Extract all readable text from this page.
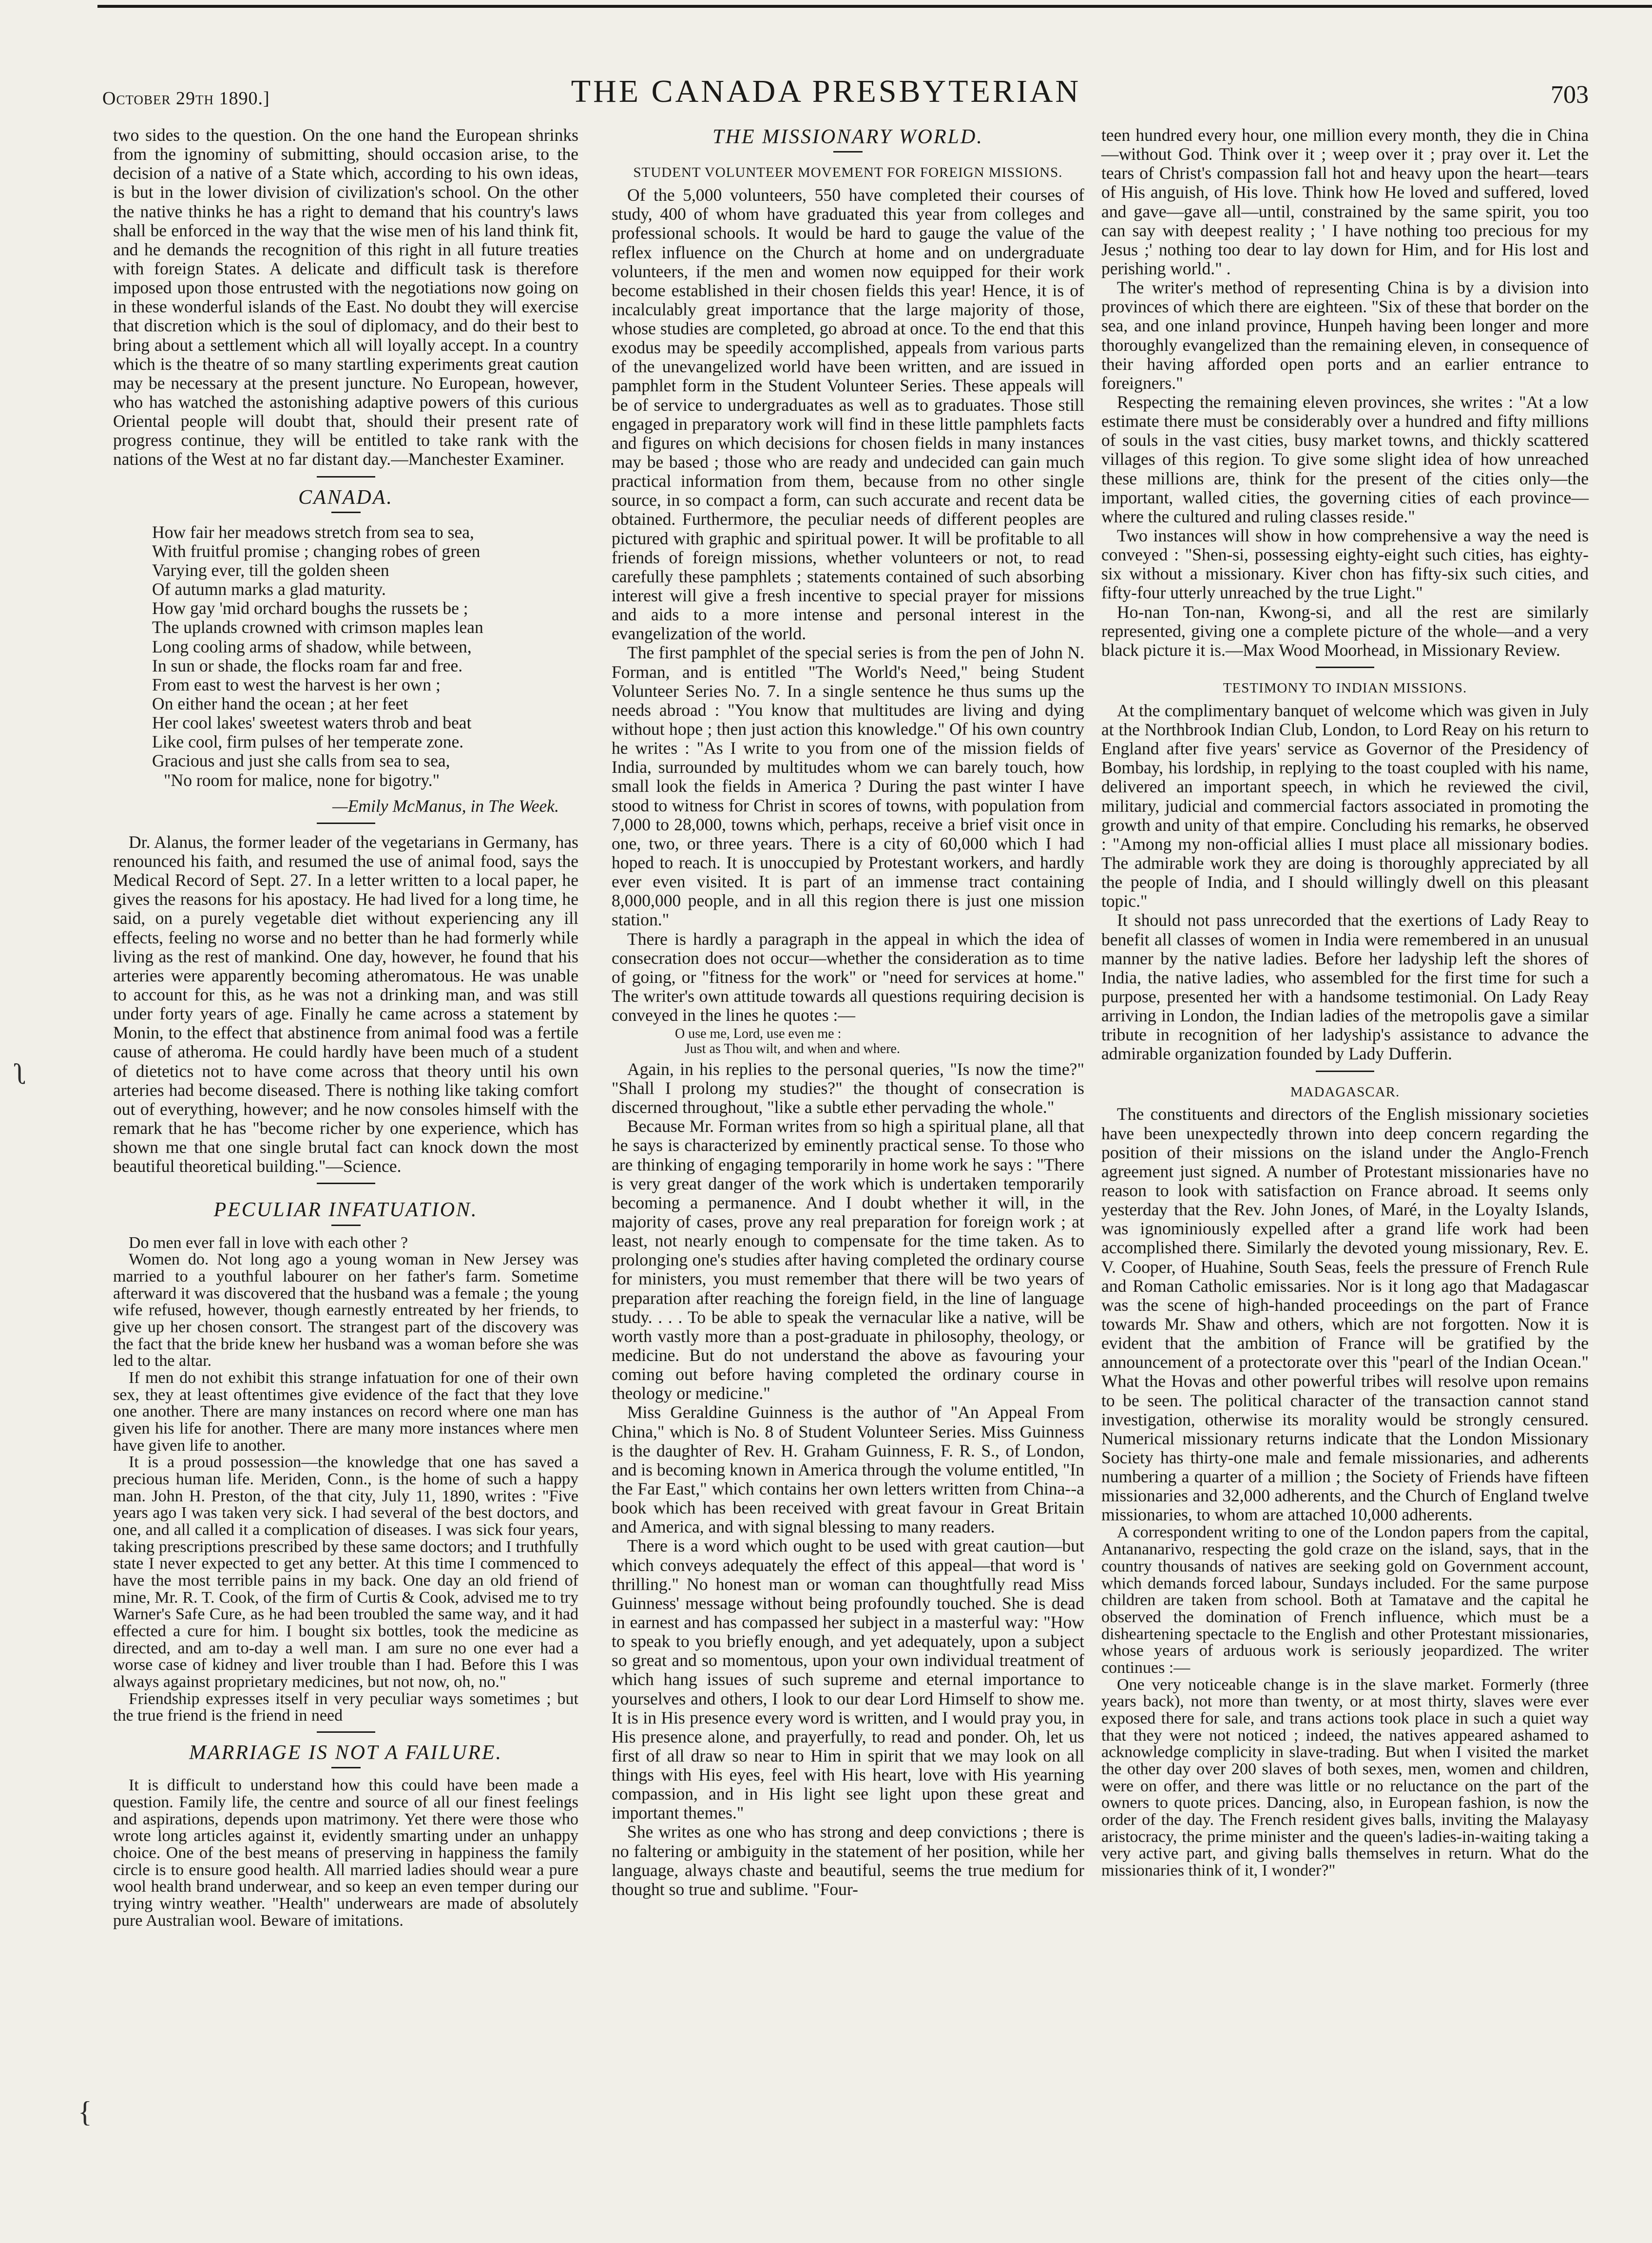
October 29th 1890.]	THE CANADA PRESBYTERIAN	703

two sides to the question. On the one hand the European shrinks from the ignominy of submitting, should occasion arise, to the decision of a native of a State which, according to his own ideas, is but in the lower division of civilization's school. On the other the native thinks he has a right to demand that his country's laws shall be enforced in the way that the wise men of his land think fit, and he demands the recognition of this right in all future treaties with foreign States. A delicate and difficult task is therefore imposed upon those entrusted with the negotiations now going on in these wonderful islands of the East. No doubt they will exercise that discretion which is the soul of diplomacy, and do their best to bring about a settlement which all will loyally accept. In a country which is the theatre of so many startling experiments great caution may be necessary at the present juncture. No European, however, who has watched the astonishing adaptive powers of this curious Oriental people will doubt that, should their present rate of progress continue, they will be entitled to take rank with the nations of the West at no far distant day.—Manchester Examiner.

CANADA.
How fair her meadows stretch from sea to sea,
With fruitful promise ; changing robes of green
Varying ever, till the golden sheen
Of autumn marks a glad maturity.
How gay 'mid orchard boughs the russets be ;
The uplands crowned with crimson maples lean
Long cooling arms of shadow, while between,
In sun or shade, the flocks roam far and free.
From east to west the harvest is her own ;
On either hand the ocean ; at her feet
Her cool lakes' sweetest waters throb and beat
Like cool, firm pulses of her temperate zone.
Gracious and just she calls from sea to sea,
"No room for malice, none for bigotry."
—Emily McManus, in The Week.

Dr. Alanus, the former leader of the vegetarians in Germany, has renounced his faith, and resumed the use of animal food, says the Medical Record of Sept. 27. In a letter written to a local paper, he gives the reasons for his apostacy. He had lived for a long time, he said, on a purely vegetable diet without experiencing any ill effects, feeling no worse and no better than he had formerly while living as the rest of mankind. One day, however, he found that his arteries were apparently becoming atheromatous. He was unable to account for this, as he was not a drinking man, and was still under forty years of age. Finally he came across a statement by Monin, to the effect that abstinence from animal food was a fertile cause of atheroma. He could hardly have been much of a student of dietetics not to have come across that theory until his own arteries had become diseased. There is nothing like taking comfort out of everything, however; and he now consoles himself with the remark that he has "become richer by one experience, which has shown me that one single brutal fact can knock down the most beautiful theoretical building."—Science.

PECULIAR INFATUATION.

Do men ever fall in love with each other ?

Women do. Not long ago a young woman in New Jersey was married to a youthful labourer on her father's farm. Sometime afterward it was discovered that the husband was a female ; the young wife refused, however, though earnestly entreated by her friends, to give up her chosen consort. The strangest part of the discovery was the fact that the bride knew her husband was a woman before she was led to the altar.

If men do not exhibit this strange infatuation for one of their own sex, they at least oftentimes give evidence of the fact that they love one another. There are many instances on record where one man has given his life for another. There are many more instances where men have given life to another.

It is a proud possession—the knowledge that one has saved a precious human life. Meriden, Conn., is the home of such a happy man. John H. Preston, of the that city, July 11, 1890, writes : "Five years ago I was taken very sick. I had several of the best doctors, and one, and all called it a complication of diseases. I was sick four years, taking prescriptions prescribed by these same doctors; and I truthfully state I never expected to get any better. At this time I commenced to have the most terrible pains in my back. One day an old friend of mine, Mr. R. T. Cook, of the firm of Curtis & Cook, advised me to try Warner's Safe Cure, as he had been troubled the same way, and it had effected a cure for him. I bought six bottles, took the medicine as directed, and am to-day a well man. I am sure no one ever had a worse case of kidney and liver trouble than I had. Before this I was always against proprietary medicines, but not now, oh, no."

Friendship expresses itself in very peculiar ways sometimes ; but the true friend is the friend in need

MARRIAGE IS NOT A FAILURE.

It is difficult to understand how this could have been made a question. Family life, the centre and source of all our finest feelings and aspirations, depends upon matrimony. Yet there were those who wrote long articles against it, evidently smarting under an unhappy choice. One of the best means of preserving in happiness the family circle is to ensure good health. All married ladies should wear a pure wool health brand underwear, and so keep an even temper during our trying wintry weather. "Health" underwears are made of absolutely pure Australian wool. Beware of imitations.

THE MISSIONARY WORLD.
STUDENT VOLUNTEER MOVEMENT FOR FOREIGN MISSIONS.

Of the 5,000 volunteers, 550 have completed their courses of study, 400 of whom have graduated this year from colleges and professional schools. It would be hard to gauge the value of the reflex influence on the Church at home and on undergraduate volunteers, if the men and women now equipped for their work become established in their chosen fields this year! Hence, it is of incalculably great importance that the large majority of those, whose studies are completed, go abroad at once. To the end that this exodus may be speedily accomplished, appeals from various parts of the unevangelized world have been written, and are issued in pamphlet form in the Student Volunteer Series. These appeals will be of service to undergraduates as well as to graduates. Those still engaged in preparatory work will find in these little pamphlets facts and figures on which decisions for chosen fields in many instances may be based ; those who are ready and undecided can gain much practical information from them, because from no other single source, in so compact a form, can such accurate and recent data be obtained. Furthermore, the peculiar needs of different peoples are pictured with graphic and spiritual power. It will be profitable to all friends of foreign missions, whether volunteers or not, to read carefully these pamphlets ; statements contained of such absorbing interest will give a fresh incentive to special prayer for missions and aids to a more intense and personal interest in the evangelization of the world.

The first pamphlet of the special series is from the pen of John N. Forman, and is entitled "The World's Need," being Student Volunteer Series No. 7. In a single sentence he thus sums up the needs abroad : "You know that multitudes are living and dying without hope ; then just action this knowledge." Of his own country he writes : "As I write to you from one of the mission fields of India, surrounded by multitudes whom we can barely touch, how small look the fields in America ? During the past winter I have stood to witness for Christ in scores of towns, with population from 7,000 to 28,000, towns which, perhaps, receive a brief visit once in one, two, or three years. There is a city of 60,000 which I had hoped to reach. It is unoccupied by Protestant workers, and hardly ever even visited. It is part of an immense tract containing 8,000,000 people, and in all this region there is just one mission station."

There is hardly a paragraph in the appeal in which the idea of consecration does not occur—whether the consideration as to time of going, or "fitness for the work" or "need for services at home." The writer's own attitude towards all questions requiring decision is conveyed in the lines he quotes :—

O use me, Lord, use even me :
Just as Thou wilt, and when and where.

Again, in his replies to the personal queries, "Is now the time?" "Shall I prolong my studies?" the thought of consecration is discerned throughout, "like a subtle ether pervading the whole."

Because Mr. Forman writes from so high a spiritual plane, all that he says is characterized by eminently practical sense. To those who are thinking of engaging temporarily in home work he says : "There is very great danger of the work which is undertaken temporarily becoming a permanence. And I doubt whether it will, in the majority of cases, prove any real preparation for foreign work ; at least, not nearly enough to compensate for the time taken. As to prolonging one's studies after having completed the ordinary course for ministers, you must remember that there will be two years of preparation after reaching the foreign field, in the line of language study. . . . To be able to speak the vernacular like a native, will be worth vastly more than a post-graduate in philosophy, theology, or medicine. But do not understand the above as favouring your coming out before having completed the ordinary course in theology or medicine."

Miss Geraldine Guinness is the author of "An Appeal From China," which is No. 8 of Student Volunteer Series. Miss Guinness is the daughter of Rev. H. Graham Guinness, F. R. S., of London, and is becoming known in America through the volume entitled, "In the Far East," which contains her own letters written from China--a book which has been received with great favour in Great Britain and America, and with signal blessing to many readers.

There is a word which ought to be used with great caution—but which conveys adequately the effect of this appeal—that word is ' thrilling." No honest man or woman can thoughtfully read Miss Guinness' message without being profoundly touched. She is dead in earnest and has compassed her subject in a masterful way: "How to speak to you briefly enough, and yet adequately, upon a subject so great and so momentous, upon your own individual treatment of which hang issues of such supreme and eternal importance to yourselves and others, I look to our dear Lord Himself to show me. It is in His presence every word is written, and I would pray you, in His presence alone, and prayerfully, to read and ponder. Oh, let us first of all draw so near to Him in spirit that we may look on all things with His eyes, feel with His heart, love with His yearning compassion, and in His light see light upon these great and important themes."

She writes as one who has strong and deep convictions ; there is no faltering or ambiguity in the statement of her position, while her language, always chaste and beautiful, seems the true medium for thought so true and sublime. "Four-

teen hundred every hour, one million every month, they die in China—without God. Think over it ; weep over it ; pray over it. Let the tears of Christ's compassion fall hot and heavy upon the heart—tears of His anguish, of His love. Think how He loved and suffered, loved and gave—gave all—until, constrained by the same spirit, you too can say with deepest reality ; ' I have nothing too precious for my Jesus ;' nothing too dear to lay down for Him, and for His lost and perishing world." .

The writer's method of representing China is by a division into provinces of which there are eighteen. "Six of these that border on the sea, and one inland province, Hunpeh having been longer and more thoroughly evangelized than the remaining eleven, in consequence of their having afforded open ports and an earlier entrance to foreigners."

Respecting the remaining eleven provinces, she writes : "At a low estimate there must be considerably over a hundred and fifty millions of souls in the vast cities, busy market towns, and thickly scattered villages of this region. To give some slight idea of how unreached these millions are, think for the present of the cities only—the important, walled cities, the governing cities of each province—where the cultured and ruling classes reside."

Two instances will show in how comprehensive a way the need is conveyed : "Shen-si, possessing eighty-eight such cities, has eighty-six without a missionary. Kiver chon has fifty-six such cities, and fifty-four utterly unreached by the true Light."

Ho-nan Ton-nan, Kwong-si, and all the rest are similarly represented, giving one a complete picture of the whole—and a very black picture it is.—Max Wood Moorhead, in Missionary Review.

TESTIMONY TO INDIAN MISSIONS.

At the complimentary banquet of welcome which was given in July at the Northbrook Indian Club, London, to Lord Reay on his return to England after five years' service as Governor of the Presidency of Bombay, his lordship, in replying to the toast coupled with his name, delivered an important speech, in which he reviewed the civil, military, judicial and commercial factors associated in promoting the growth and unity of that empire. Concluding his remarks, he observed : "Among my non-official allies I must place all missionary bodies. The admirable work they are doing is thoroughly appreciated by all the people of India, and I should willingly dwell on this pleasant topic."

It should not pass unrecorded that the exertions of Lady Reay to benefit all classes of women in India were remembered in an unusual manner by the native ladies. Before her ladyship left the shores of India, the native ladies, who assembled for the first time for such a purpose, presented her with a handsome testimonial. On Lady Reay arriving in London, the Indian ladies of the metropolis gave a similar tribute in recognition of her ladyship's assistance to advance the admirable organization founded by Lady Dufferin.

MADAGASCAR.

The constituents and directors of the English missionary societies have been unexpectedly thrown into deep concern regarding the position of their missions on the island under the Anglo-French agreement just signed. A number of Protestant missionaries have no reason to look with satisfaction on France abroad. It seems only yesterday that the Rev. John Jones, of Maré, in the Loyalty Islands, was ignominiously expelled after a grand life work had been accomplished there. Similarly the devoted young missionary, Rev. E. V. Cooper, of Huahine, South Seas, feels the pressure of French Rule and Roman Catholic emissaries. Nor is it long ago that Madagascar was the scene of high-handed proceedings on the part of France towards Mr. Shaw and others, which are not forgotten. Now it is evident that the ambition of France will be gratified by the announcement of a protectorate over this "pearl of the Indian Ocean." What the Hovas and other powerful tribes will resolve upon remains to be seen. The political character of the transaction cannot stand investigation, otherwise its morality would be strongly censured. Numerical missionary returns indicate that the London Missionary Society has thirty-one male and female missionaries, and adherents numbering a quarter of a million ; the Society of Friends have fifteen missionaries and 32,000 adherents, and the Church of England twelve missionaries, to whom are attached 10,000 adherents.

A correspondent writing to one of the London papers from the capital, Antananarivo, respecting the gold craze on the island, says, that in the country thousands of natives are seeking gold on Government account, which demands forced labour, Sundays included. For the same purpose children are taken from school. Both at Tamatave and the capital he observed the domination of French influence, which must be a disheartening spectacle to the English and other Protestant missionaries, whose years of arduous work is seriously jeopardized. The writer continues :—

One very noticeable change is in the slave market. Formerly (three years back), not more than twenty, or at most thirty, slaves were ever exposed there for sale, and trans actions took place in such a quiet way that they were not noticed ; indeed, the natives appeared ashamed to acknowledge complicity in slave-trading. But when I visited the market the other day over 200 slaves of both sexes, men, women and children, were on offer, and there was little or no reluctance on the part of the owners to quote prices. Dancing, also, in European fashion, is now the order of the day. The French resident gives balls, inviting the Malayasy aristocracy, the prime minister and the queen's ladies-in-waiting taking a very active part, and giving balls themselves in return. What do the missionaries think of it, I wonder?"

ʅ
{
